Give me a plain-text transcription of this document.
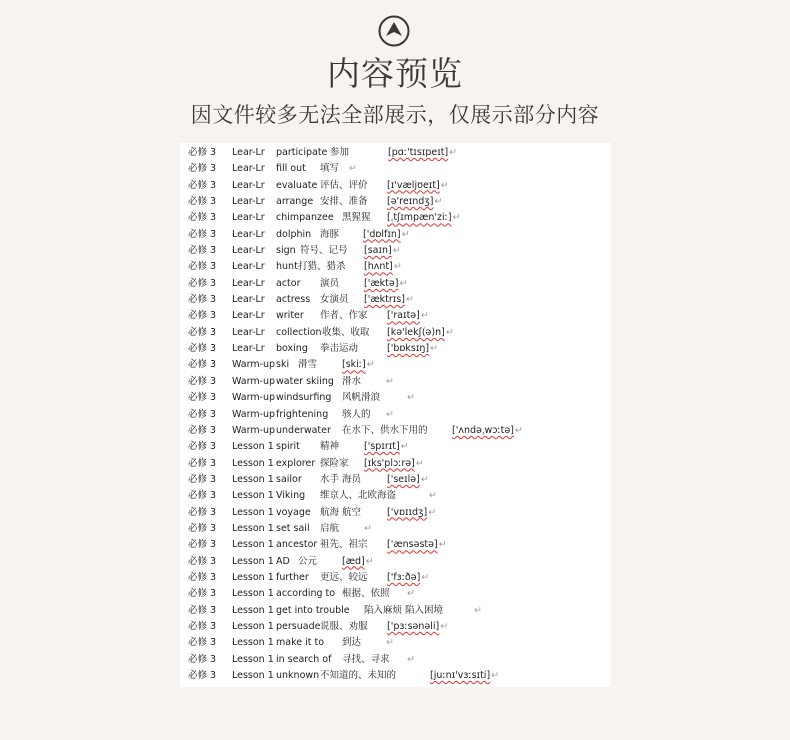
内容预览
因文件较多无法全部展示，仅展示部分内容
必修 3 Lear-Lr participate 参加	[pɑː'tɪsɪpeɪt]↵
必修 3 Lear-Lr fill out 填写 ↵
必修 3 Lear-Lr evaluate 评估、评价 [ɪ'væljʊeɪt]↵
必修 3 Lear-Lr arrange 安排、准备 [ə'reɪndʒ]↵
必修 3 Lear-Lr chimpanzee 黑猩猩 [ˌtʃɪmpæn'ziː]↵
必修 3 Lear-Lr dolphin 海豚	['dɒlfɪn]↵
必修 3 Lear-Lr sign 符号、记号 [saɪn]↵
必修 3 Lear-Lr hunt 打猎、猎杀 [hʌnt]↵
必修 3 Lear-Lr actor 演员	['æktə]↵
必修 3 Lear-Lr actress 女演员 ['æktrɪs]↵
必修 3 Lear-Lr writer 作者、作家 ['raɪtə]↵
必修 3 Lear-Lr collection 收集、收取 [kə'lekʃ(ə)n]↵
必修 3 Lear-Lr boxing 拳击运动	['bɒksɪŋ]↵
必修 3 Warm-up ski 滑雪	[skiː]↵
必修 3 Warm-up water skiing 滑水	↵
必修 3 Warm-up windsurfing 风帆滑浪	↵
必修 3 Warm-up frightening 骇人的 ↵
必修 3 Warm-up underwater 在水下、供水下用的	['ʌndəˌwɔːtə]↵
必修 3 Lesson 1 spirit 精神	['spɪrɪt]↵
必修 3 Lesson 1 explorer 探险家 [ɪks'plɔːrə]↵
必修 3 Lesson 1 sailor 水手 海员	['seɪlə]↵
必修 3 Lesson 1 Viking 维京人、北欧海盗	↵
必修 3 Lesson 1 voyage 航海 航空	['vɒɪɪdʒ]↵
必修 3 Lesson 1 set sail 启航	↵
必修 3 Lesson 1 ancestor 祖先、祖宗 ['ænsəstə]↵
必修 3 Lesson 1 AD 公元	[æd]↵
必修 3 Lesson 1 further 更远、较远 ['fɜːðə]↵
必修 3 Lesson 1 according to 根据、依照 ↵
必修 3 Lesson 1 get into trouble 陷入麻烦 陷入困境	↵
必修 3 Lesson 1 persuade 说服、劝服 ['pɜːsənəli]↵
必修 3 Lesson 1 make it to 到达	↵
必修 3 Lesson 1 in search of 寻找、寻求 ↵
必修 3 Lesson 1 unknown 不知道的、未知的	[juːnɪ'vɜːsɪti]↵
